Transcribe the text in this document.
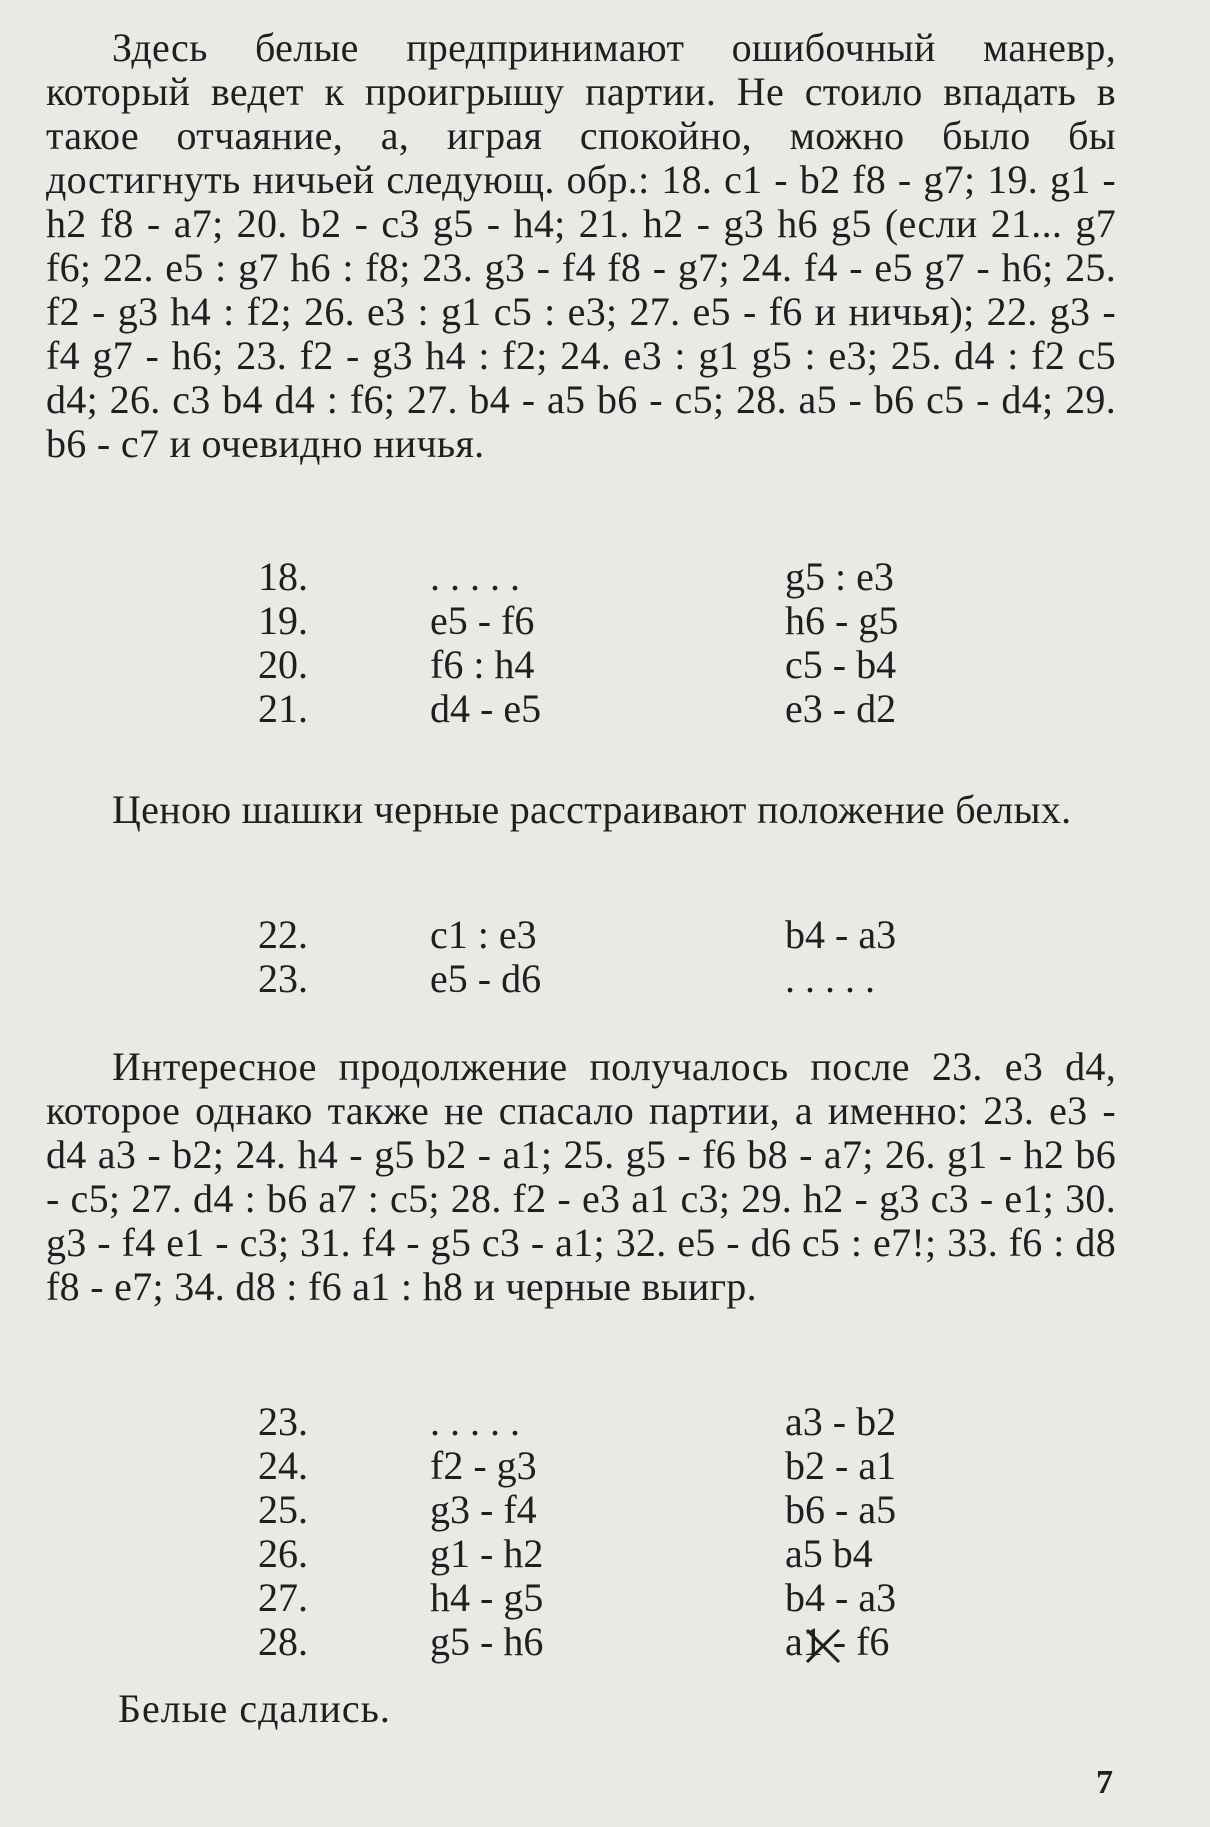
Здесь белые предпринимают ошибочный маневр, который ведет к проигрышу партии. Не стоило впадать в такое отчаяние, а, играя спокойно, можно было бы достигнуть ничьей следующ. обр.: 18. c1 - b2 f8 - g7; 19. g1 - h2 f8 - a7; 20. b2 - c3 g5 - h4; 21. h2 - g3 h6 g5 (если 21... g7 f6; 22. e5 : g7 h6 : f8; 23. g3 - f4 f8 - g7; 24. f4 - e5 g7 - h6; 25. f2 - g3 h4 : f2; 26. e3 : g1 c5 : e3; 27. e5 - f6 и ничья); 22. g3 - f4 g7 - h6; 23. f2 - g3 h4 : f2; 24. e3 : g1 g5 : e3; 25. d4 : f2 c5 d4; 26. c3 b4 d4 : f6; 27. b4 - a5 b6 - c5; 28. a5 - b6 c5 - d4; 29. b6 - c7 и очевидно ничья.

18.	. . . . .	g5 : e3
19.	e5 - f6	h6 - g5
20.	f6 : h4	c5 - b4
21.	d4 - e5	e3 - d2

Ценою шашки черные расстраивают положение белых.

22.	c1 : e3	b4 - a3
23.	e5 - d6	. . . . .

Интересное продолжение получалось после 23. e3 d4, которое однако также не спасало партии, а именно: 23. e3 - d4 a3 - b2; 24. h4 - g5 b2 - a1; 25. g5 - f6 b8 - a7; 26. g1 - h2 b6 - c5; 27. d4 : b6 a7 : c5; 28. f2 - e3 a1 c3; 29. h2 - g3 c3 - e1; 30. g3 - f4 e1 - c3; 31. f4 - g5 c3 - a1; 32. e5 - d6 c5 : e7!; 33. f6 : d8 f8 - e7; 34. d8 : f6 a1 : h8 и черные выигр.

23.	. . . . .	a3 - b2
24.	f2 - g3	b2 - a1
25.	g3 - f4	b6 - a5
26.	g1 - h2	a5 b4
27.	h4 - g5	b4 - a3
28.	g5 - h6	a1 - f6
Белые сдались.
7
